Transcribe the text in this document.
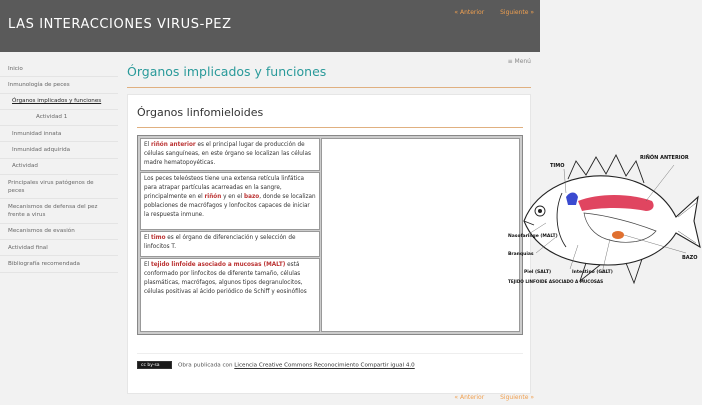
LAS INTERACCIONES VIRUS-PEZ
« Anterior	Siguiente »
Inicio
Inmunología de peces
Órganos implicados y funciones
Actividad 1
Inmunidad innata
Inmunidad adquirida
Actividad
Principales virus patógenos de peces
Mecanismos de defensa del pez frente a virus
Mecanismos de evasión
Actividad final
Bibliografía recomendada
Órganos implicados y funciones
≡ Menú
Órganos linfomieloides
El riñón anterior es el principal lugar de producción de células sanguíneas, en este órgano se localizan las células madre hematopoyéticas.
Los peces teleósteos tiene una extensa retícula linfática para atrapar partículas acarreadas en la sangre, principalmente en el riñón y en el bazo, donde se localizan poblaciones de macrófagos y lonfocitos capaces de iniciar la respuesta inmune.
El timo es el órgano de diferenciación y selección de linfocitos T.
El tejido linfoide asociado a mucosas (MALT) está conformado por linfocitos de diferente tamaño, células plasmáticas, macrófagos, algunos tipos degranulocitos, células positivas al ácido periódico de Schiff y eosinófilos
TIMO
RIÑÓN ANTERIOR
Nasofaringe (MALT)
Branquias
Piel (SALT)	Intestino (GALT)
BAZO
TEJIDO LINFOIDE ASOCIADO A MUCOSAS
cc by-sa	Obra publicada con Licencia Creative Commons Reconocimiento Compartir igual 4.0
« Anterior	Siguiente »
